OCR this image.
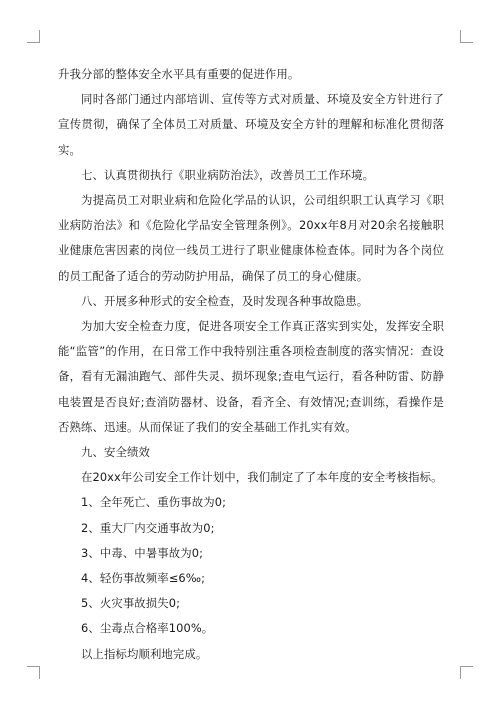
升我分部的整体安全水平具有重要的促进作用。

同时各部门通过内部培训、宣传等方式对质量、环境及安全方针进行了宣传贯彻，确保了全体员工对质量、环境及安全方针的理解和标准化贯彻落实。

七、认真贯彻执行《职业病防治法》，改善员工工作环境。

为提高员工对职业病和危险化学品的认识，公司组织职工认真学习《职业病防治法》和《危险化学品安全管理条例》。20xx年8月对20余名接触职业健康危害因素的岗位一线员工进行了职业健康体检查体。同时为各个岗位的员工配备了适合的劳动防护用品，确保了员工的身心健康。

八、开展多种形式的安全检查，及时发现各种事故隐患。

为加大安全检查力度，促进各项安全工作真正落实到实处，发挥安全职能“监管”的作用，在日常工作中我特别注重各项检查制度的落实情况：查设备，看有无漏油跑气、部件失灵、损坏现象;查电气运行，看各种防雷、防静电装置是否良好;查消防器材、设备，看齐全、有效情况;查训练，看操作是否熟练、迅速。从而保证了我们的安全基础工作扎实有效。

九、安全绩效

在20xx年公司安全工作计划中，我们制定了了本年度的安全考核指标。

1、全年死亡、重伤事故为0;

2、重大厂内交通事故为0;

3、中毒、中暑事故为0;

4、轻伤事故频率≤6‰;

5、火灾事故损失0;

6、尘毒点合格率100%。

以上指标均顺利地完成。
